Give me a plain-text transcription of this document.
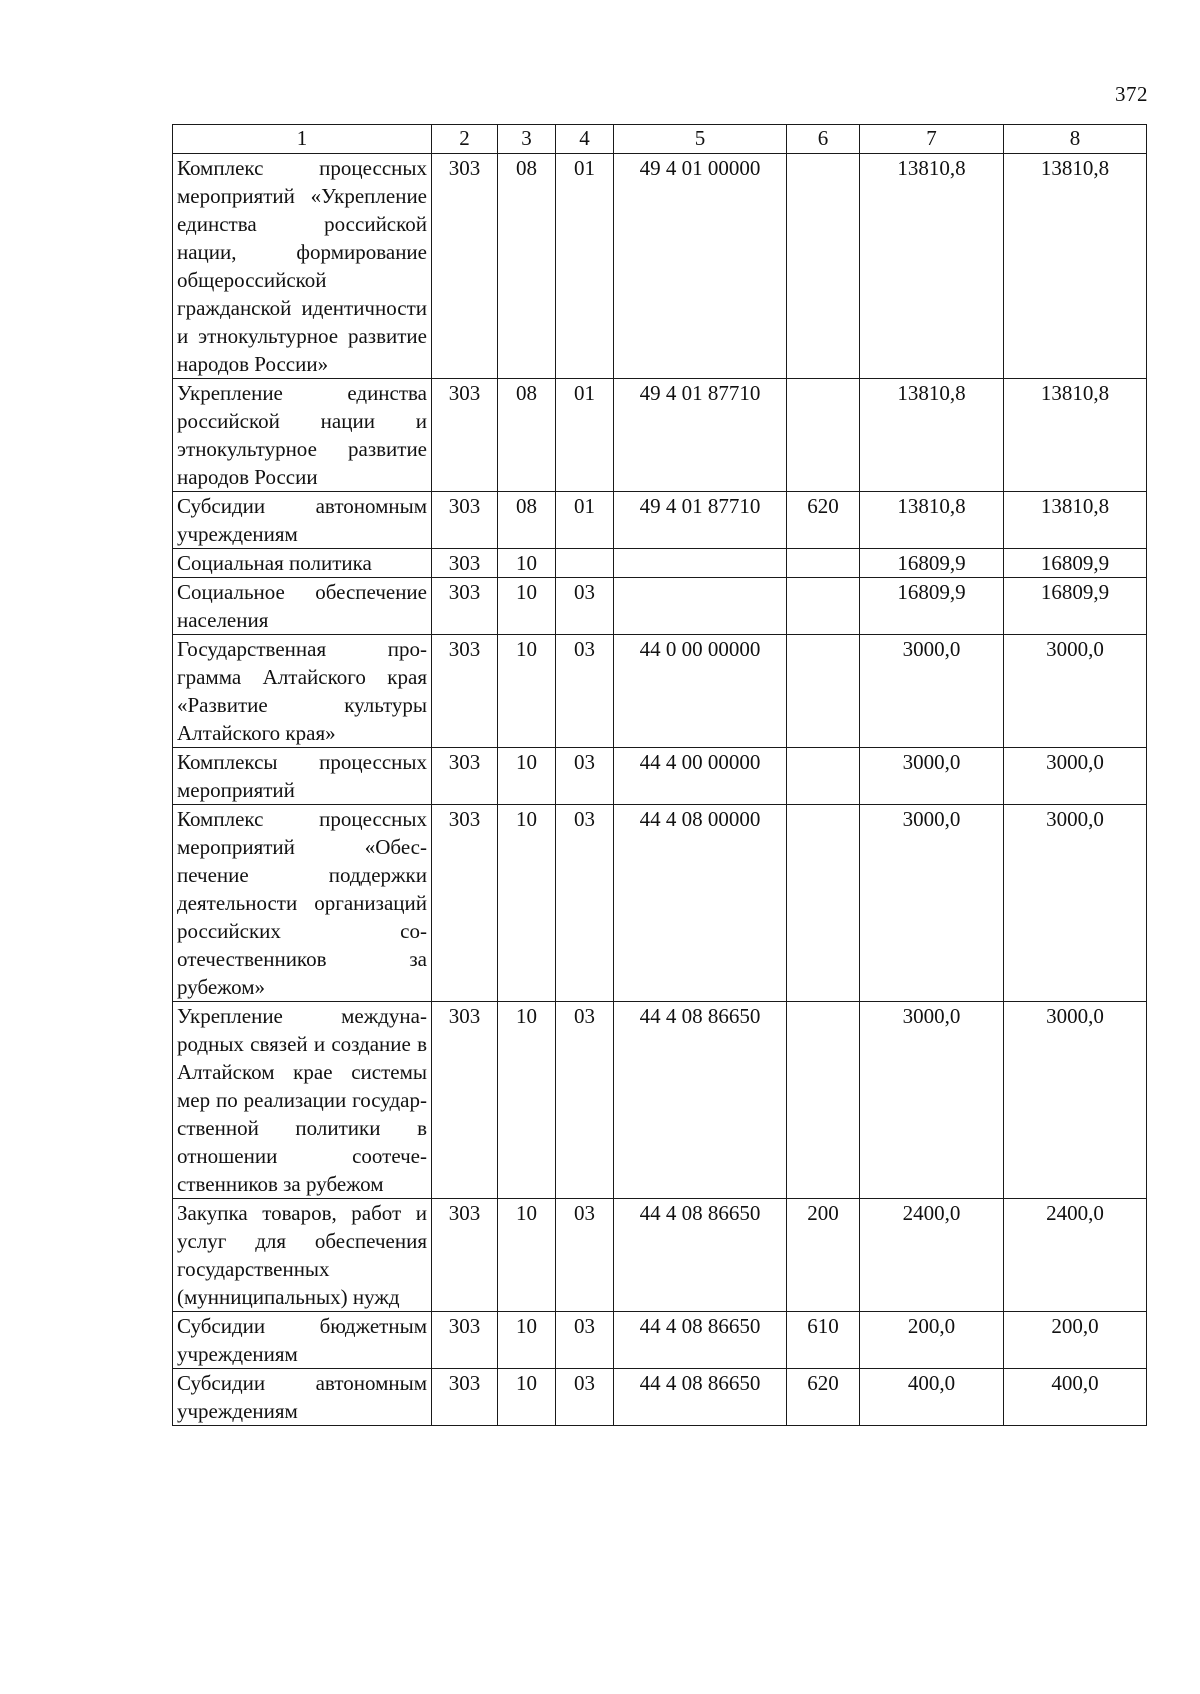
372
1	2	3	4	5	6	7	8
Комплекс процессных мероприятий «Укрепление единства российской нации, формирование общероссийской гражданской идентичности и этнокультурное развитие народов России»	303	08	01	49 4 01 00000		13810,8	13810,8
Укрепление единства российской нации и этнокультурное развитие народов России	303	08	01	49 4 01 87710		13810,8	13810,8
Субсидии автономным учреждениям	303	08	01	49 4 01 87710	620	13810,8	13810,8
Социальная политика	303	10				16809,9	16809,9
Социальное обеспечение населения	303	10	03			16809,9	16809,9
Государственная программа Алтайского края «Развитие культуры Алтайского края»	303	10	03	44 0 00 00000		3000,0	3000,0
Комплексы процессных мероприятий	303	10	03	44 4 00 00000		3000,0	3000,0
Комплекс процессных мероприятий «Обеспечение поддержки деятельности организаций российских соотечественников за рубежом»	303	10	03	44 4 08 00000		3000,0	3000,0
Укрепление международных связей и создание в Алтайском крае системы мер по реализации государственной политики в отношении соотечественников за рубежом	303	10	03	44 4 08 86650		3000,0	3000,0
Закупка товаров, работ и услуг для обеспечения государственных (мунниципальных) нужд	303	10	03	44 4 08 86650	200	2400,0	2400,0
Субсидии бюджетным учреждениям	303	10	03	44 4 08 86650	610	200,0	200,0
Субсидии автономным учреждениям	303	10	03	44 4 08 86650	620	400,0	400,0
